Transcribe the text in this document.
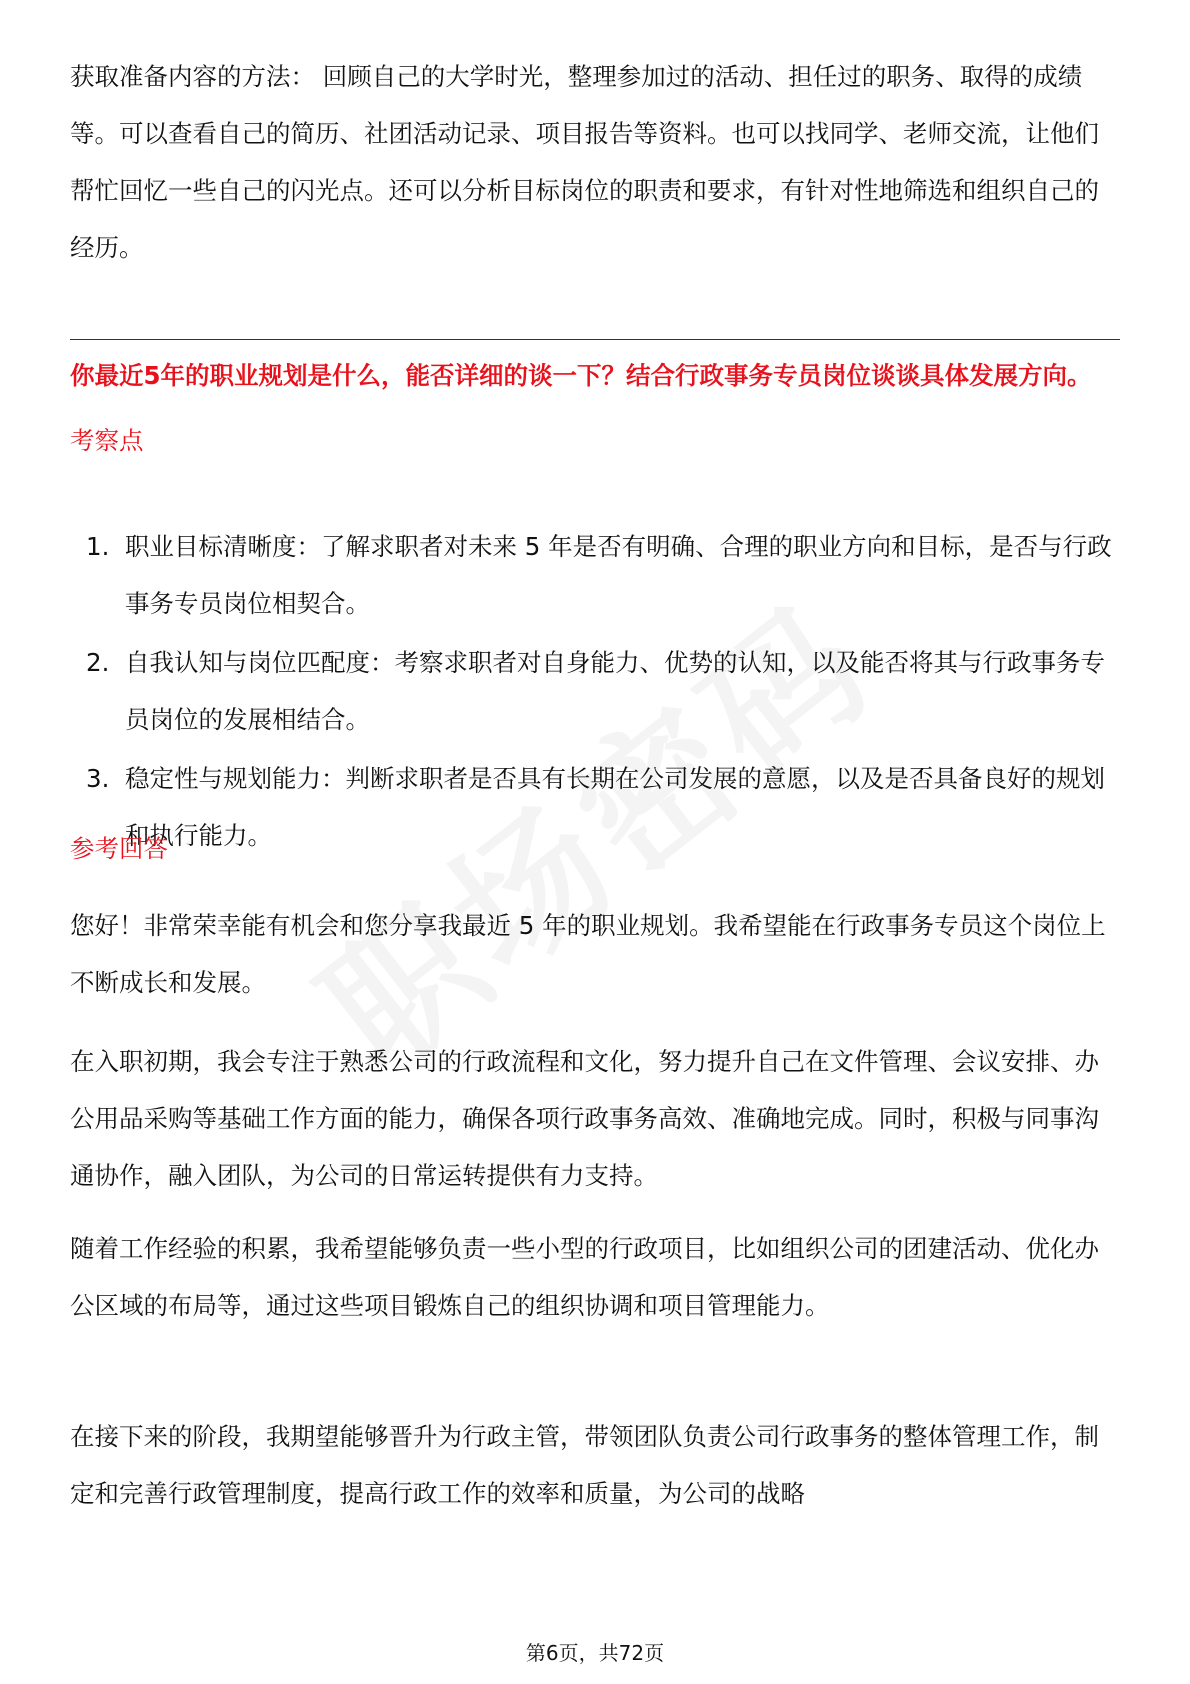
获取准备内容的方法： 回顾自己的大学时光，整理参加过的活动、担任过的职务、取得的成绩等。可以查看自己的简历、社团活动记录、项目报告等资料。也可以找同学、老师交流，让他们帮忙回忆一些自己的闪光点。还可以分析目标岗位的职责和要求，有针对性地筛选和组织自己的经历。

你最近5年的职业规划是什么，能否详细的谈一下？结合行政事务专员岗位谈谈具体发展方向。

考察点

1. 职业目标清晰度：了解求职者对未来 5 年是否有明确、合理的职业方向和目标，是否与行政事务专员岗位相契合。
2. 自我认知与岗位匹配度：考察求职者对自身能力、优势的认知，以及能否将其与行政事务专员岗位的发展相结合。
3. 稳定性与规划能力：判断求职者是否具有长期在公司发展的意愿，以及是否具备良好的规划和执行能力。

参考回答

您好！非常荣幸能有机会和您分享我最近 5 年的职业规划。我希望能在行政事务专员这个岗位上不断成长和发展。

在入职初期，我会专注于熟悉公司的行政流程和文化，努力提升自己在文件管理、会议安排、办公用品采购等基础工作方面的能力，确保各项行政事务高效、准确地完成。同时，积极与同事沟通协作，融入团队，为公司的日常运转提供有力支持。

随着工作经验的积累，我希望能够负责一些小型的行政项目，比如组织公司的团建活动、优化办公区域的布局等，通过这些项目锻炼自己的组织协调和项目管理能力。

在接下来的阶段，我期望能够晋升为行政主管，带领团队负责公司行政事务的整体管理工作，制定和完善行政管理制度，提高行政工作的效率和质量，为公司的战略

第6页，共72页
